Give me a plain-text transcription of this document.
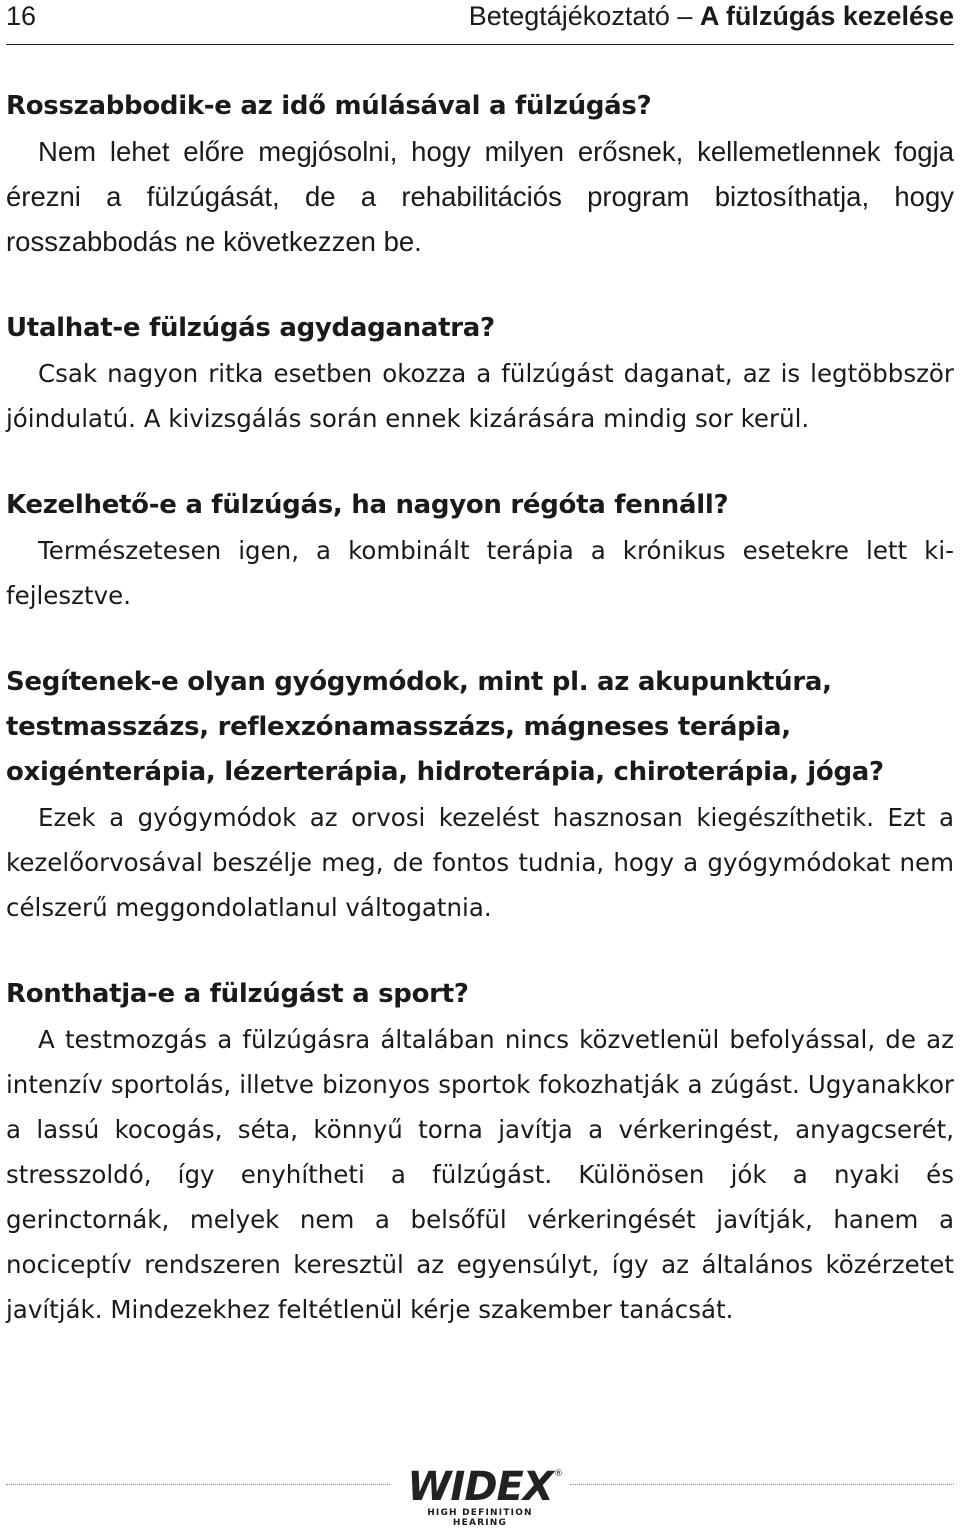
16	Betegtájékoztató – A fülzúgás kezelése

Rosszabbodik-e az idő múlásával a fülzúgás?

Nem lehet előre megjósolni, hogy milyen erősnek, kellemetlennek fogja érezni a fülzúgását, de a rehabilitációs program biztosíthatja, hogy rosszabbodás ne következzen be.

Utalhat-e fülzúgás agydaganatra?

Csak nagyon ritka esetben okozza a fülzúgást daganat, az is legtöbbször jóindulatú. A kivizsgálás során ennek kizárására mindig sor kerül.

Kezelhető-e a fülzúgás, ha nagyon régóta fennáll?

Természetesen igen, a kombinált terápia a krónikus esetekre lett kifejlesztve.

Segítenek-e olyan gyógymódok, mint pl. az akupunktúra, testmasszázs, reflexzónamasszázs, mágneses terápia, oxigénterápia, lézerterápia, hidroterápia, chiroterápia, jóga?

Ezek a gyógymódok az orvosi kezelést hasznosan kiegészíthetik. Ezt a kezelőorvosával beszélje meg, de fontos tudnia, hogy a gyógymódokat nem célszerű meggondolatlanul váltogatnia.

Ronthatja-e a fülzúgást a sport?

A testmozgás a fülzúgásra általában nincs közvetlenül befolyással, de az intenzív sportolás, illetve bizonyos sportok fokozhatják a zúgást. Ugyanakkor a lassú kocogás, séta, könnyű torna javítja a vérkeringést, anyagcserét, stresszoldó, így enyhítheti a fülzúgást. Különösen jók a nyaki és gerinctornák, melyek nem a belsőfül vérkeringését javítják, hanem a nociceptív rendszeren keresztül az egyensúlyt, így az általános közérzetet javítják. Mindezekhez feltétlenül kérje szakember tanácsát.

WIDEX ®
HIGH DEFINITION HEARING
